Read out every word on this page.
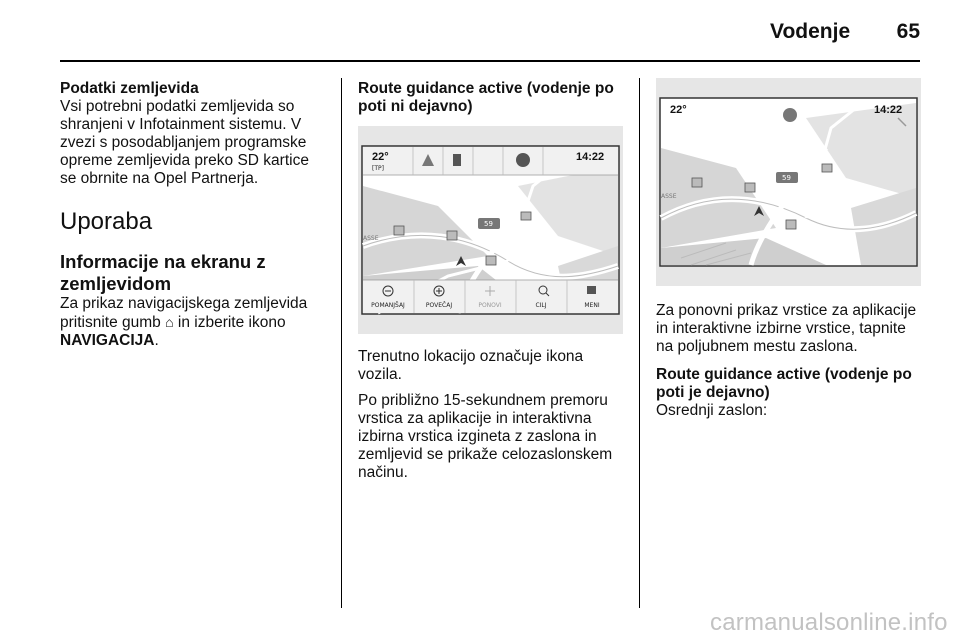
Vodenje	65

Podatki zemljevida

Vsi potrebni podatki zemljevida so shranjeni v Infotainment sistemu. V zvezi s posodabljanjem programske opreme zemljevida preko SD kartice se obrnite na Opel Partnerja.

Uporaba

Informacije na ekranu z zemljevidom

Za prikaz navigacijskega zemljevida pritisnite gumb ⌂ in izberite ikono NAVIGACIJA.

Route guidance active (vodenje po poti ni dejavno)

22°
[TP]
14:22
59
ASSE
POMANJŠAJ	POVEČAJ	PONOVI	CILJ	MENI

Trenutno lokacijo označuje ikona vozila.

Po približno 15-sekundnem premoru vrstica za aplikacije in interaktivna izbirna vrstica izgineta z zaslona in zemljevid se prikaže celozaslonskem načinu.

22°	14:22
59
ASSE

Za ponovni prikaz vrstice za aplikacije in interaktivne izbirne vrstice, tapnite na poljubnem mestu zaslona.

Route guidance active (vodenje po poti je dejavno)

Osrednji zaslon:

carmanualsonline.info
